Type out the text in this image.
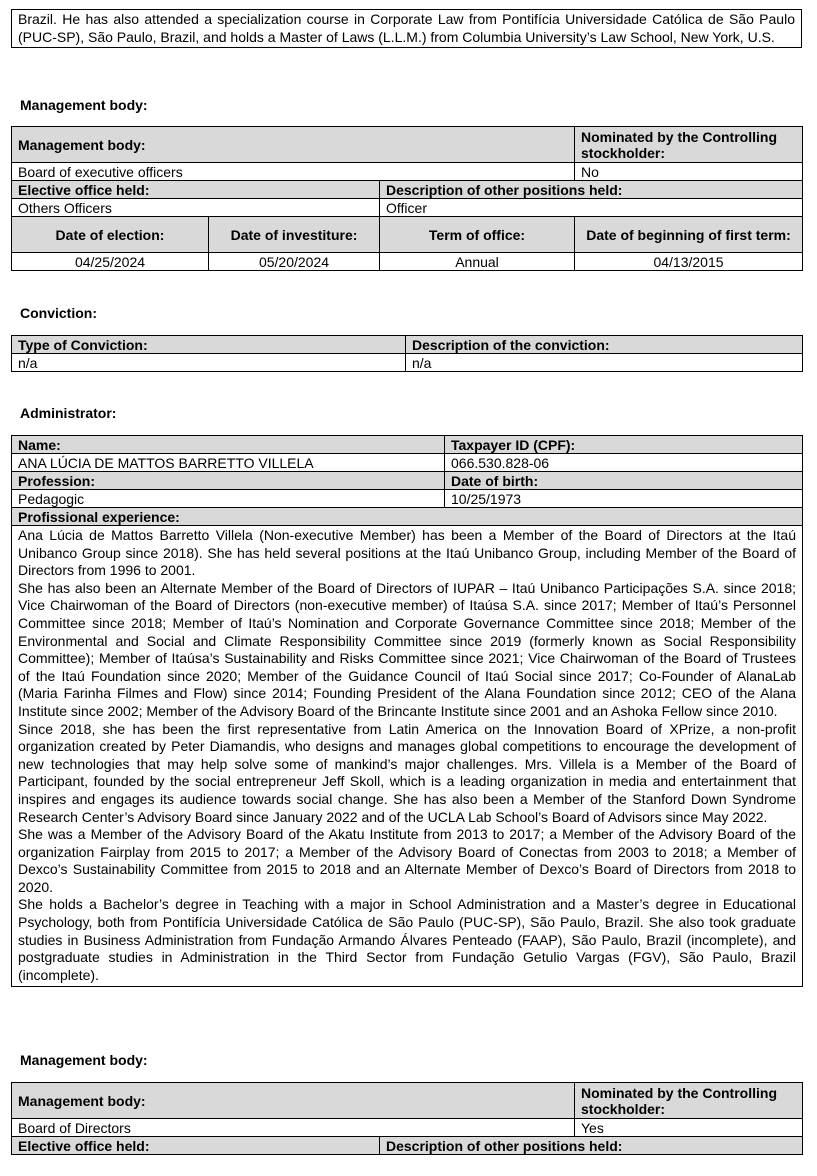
Brazil. He has also attended a specialization course in Corporate Law from Pontifícia Universidade Católica de São Paulo (PUC-SP), São Paulo, Brazil, and holds a Master of Laws (L.L.M.) from Columbia University’s Law School, New York, U.S.
Management body:
Management body:			Nominated by the Controlling stockholder:
Board of executive officers			No
Elective office held:		Description of other positions held:	
Others Officers		Officer	
Date of election:	Date of investiture:	Term of office:	Date of beginning of first term:
04/25/2024	05/20/2024	Annual	04/13/2015
Conviction:
Type of Conviction:	Description of the conviction:
n/a	n/a
Administrator:
Name:	Taxpayer ID (CPF):
ANA LÚCIA DE MATTOS BARRETTO VILLELA	066.530.828-06
Profession:	Date of birth:
Pedagogic	10/25/1973
Profissional experience:	

Ana Lúcia de Mattos Barretto Villela (Non-executive Member) has been a Member of the Board of Directors at the Itaú Unibanco Group since 2018). She has held several positions at the Itaú Unibanco Group, including Member of the Board of Directors from 1996 to 2001.

She has also been an Alternate Member of the Board of Directors of IUPAR – Itaú Unibanco Participações S.A. since 2018; Vice Chairwoman of the Board of Directors (non-executive member) of Itaúsa S.A. since 2017; Member of Itaú’s Personnel Committee since 2018; Member of Itaú’s Nomination and Corporate Governance Committee since 2018; Member of the Environmental and Social and Climate Responsibility Committee since 2019 (formerly known as Social Responsibility Committee); Member of Itaúsa’s Sustainability and Risks Committee since 2021; Vice Chairwoman of the Board of Trustees of the Itaú Foundation since 2020; Member of the Guidance Council of Itaú Social since 2017; Co-Founder of AlanaLab (Maria Farinha Filmes and Flow) since 2014; Founding President of the Alana Foundation since 2012; CEO of the Alana Institute since 2002; Member of the Advisory Board of the Brincante Institute since 2001 and an Ashoka Fellow since 2010.

Since 2018, she has been the first representative from Latin America on the Innovation Board of XPrize, a non-profit organization created by Peter Diamandis, who designs and manages global competitions to encourage the development of new technologies that may help solve some of mankind’s major challenges. Mrs. Villela is a Member of the Board of Participant, founded by the social entrepreneur Jeff Skoll, which is a leading organization in media and entertainment that inspires and engages its audience towards social change. She has also been a Member of the Stanford Down Syndrome Research Center’s Advisory Board since January 2022 and of the UCLA Lab School’s Board of Advisors since May 2022.

She was a Member of the Advisory Board of the Akatu Institute from 2013 to 2017; a Member of the Advisory Board of the organization Fairplay from 2015 to 2017; a Member of the Advisory Board of Conectas from 2003 to 2018; a Member of Dexco’s Sustainability Committee from 2015 to 2018 and an Alternate Member of Dexco’s Board of Directors from 2018 to 2020.

She holds a Bachelor’s degree in Teaching with a major in School Administration and a Master’s degree in Educational Psychology, both from Pontifícia Universidade Católica de São Paulo (PUC-SP), São Paulo, Brazil. She also took graduate studies in Business Administration from Fundação Armando Álvares Penteado (FAAP), São Paulo, Brazil (incomplete), and postgraduate studies in Administration in the Third Sector from Fundação Getulio Vargas (FGV), São Paulo, Brazil (incomplete).	

Management body:
Management body:		Nominated by the Controlling stockholder:
Board of Directors		Yes
Elective office held:	Description of other positions held:	
